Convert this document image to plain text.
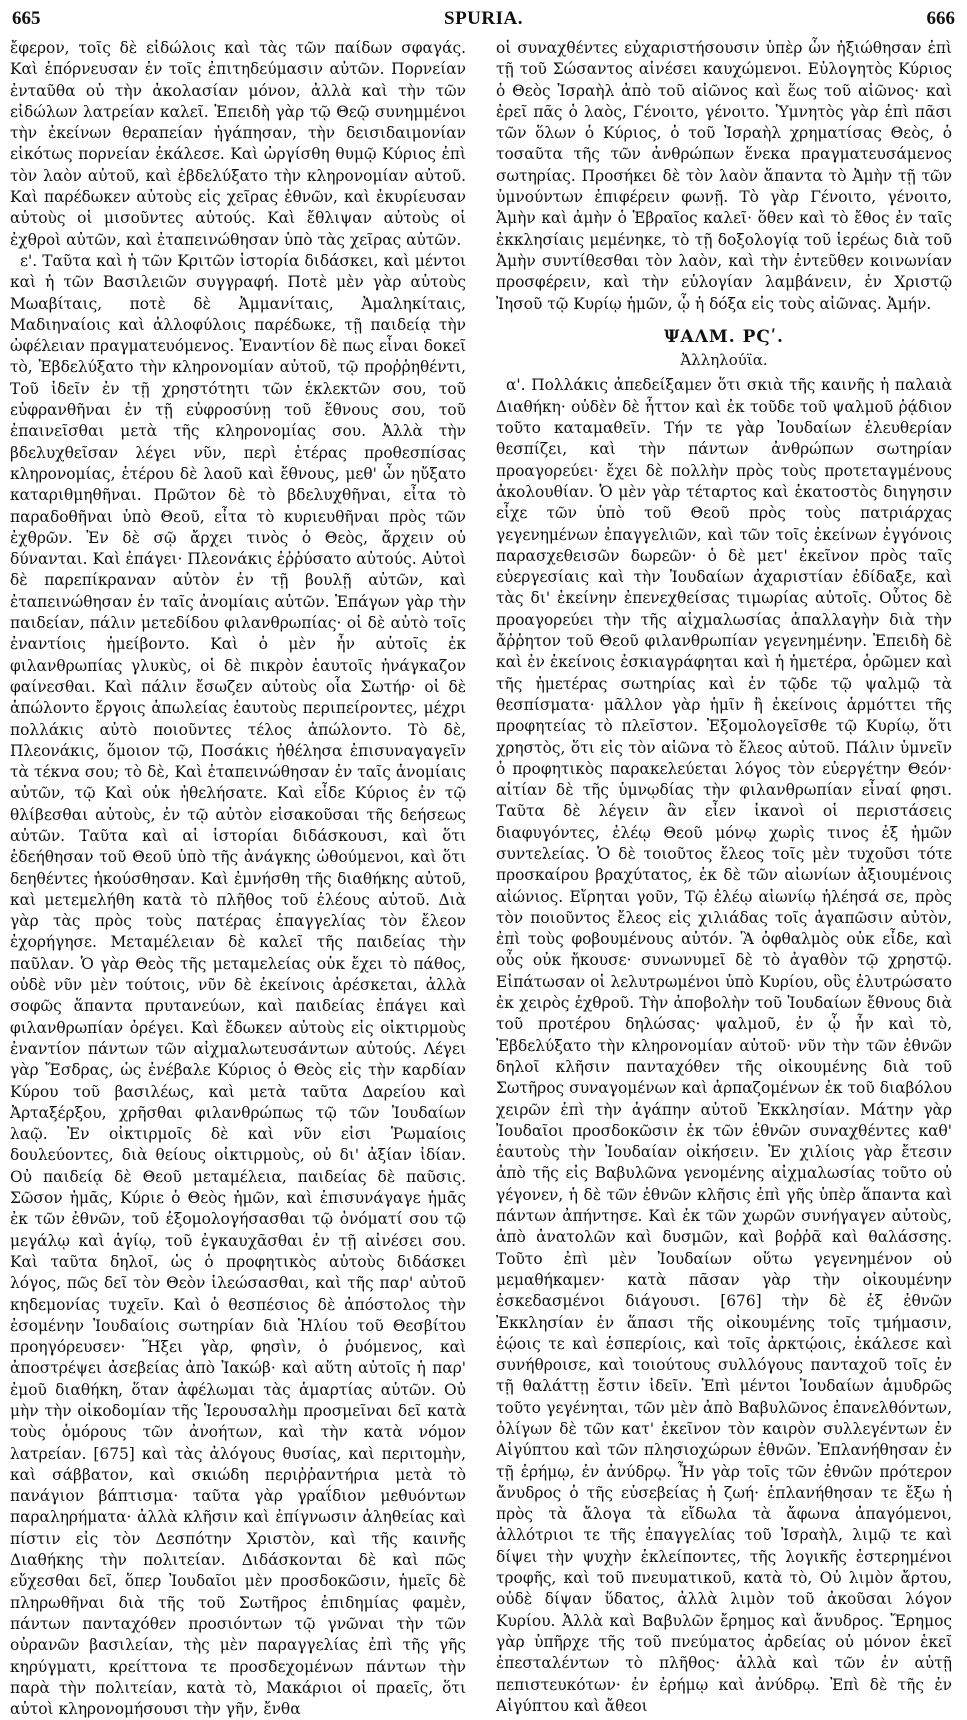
665	SPURIA.	666

ἔφερον, τοῖς δὲ εἰδώλοις καὶ τὰς τῶν παίδων σφαγάς. Καὶ ἐπόρνευσαν ἐν τοῖς ἐπιτηδεύμασιν αὐτῶν. Πορνείαν ἐνταῦθα οὐ τὴν ἀκολασίαν μόνον, ἀλλὰ καὶ τὴν τῶν εἰδώλων λατρείαν καλεῖ. Ἐπειδὴ γὰρ τῷ Θεῷ συνημμένοι τὴν ἐκείνων θεραπείαν ἠγάπησαν, τὴν δεισιδαιμονίαν εἰκότως πορνείαν ἐκάλεσε. Καὶ ὠργίσθη θυμῷ Κύριος ἐπὶ τὸν λαὸν αὐτοῦ, καὶ ἐβδελύξατο τὴν κληρονομίαν αὐτοῦ. Καὶ παρέδωκεν αὐτοὺς εἰς χεῖρας ἐθνῶν, καὶ ἐκυρίευσαν αὐτοὺς οἱ μισοῦντες αὐτούς. Καὶ ἔθλιψαν αὐτοὺς οἱ ἐχθροὶ αὐτῶν, καὶ ἐταπεινώθησαν ὑπὸ τὰς χεῖρας αὐτῶν.

ε'. Ταῦτα καὶ ἡ τῶν Κριτῶν ἱστορία διδάσκει, καὶ μέντοι καὶ ἡ τῶν Βασιλειῶν συγγραφή. Ποτὲ μὲν γὰρ αὐτοὺς Μωαβίταις, ποτὲ δὲ Ἀμμανίταις, Ἀμαληκίταις, Μαδιηναίοις καὶ ἀλλοφύλοις παρέδωκε, τῇ παιδείᾳ τὴν ὠφέλειαν πραγματευόμενος. Ἐναντίον δὲ πως εἶναι δοκεῖ τὸ, Ἐβδελύξατο τὴν κληρονομίαν αὐτοῦ, τῷ προῤῥηθέντι, Τοῦ ἰδεῖν ἐν τῇ χρηστότητι τῶν ἐκλεκτῶν σου, τοῦ εὐφρανθῆναι ἐν τῇ εὐφροσύνῃ τοῦ ἔθνους σου, τοῦ ἐπαινεῖσθαι μετὰ τῆς κληρονομίας σου. Ἀλλὰ τὴν βδελυχθεῖσαν λέγει νῦν, περὶ ἑτέρας προθεσπίσας κληρονομίας, ἑτέρου δὲ λαοῦ καὶ ἔθνους, μεθ' ὧν ηὔξατο καταριθμηθῆναι. Πρῶτον δὲ τὸ βδελυχθῆναι, εἶτα τὸ παραδοθῆναι ὑπὸ Θεοῦ, εἶτα τὸ κυριευθῆναι πρὸς τῶν ἐχθρῶν. Ἐν δὲ σῷ ἄρχει τινὸς ὁ Θεὸς, ἄρχειν οὐ δύνανται. Καὶ ἐπάγει· Πλεονάκις ἐῤῥύσατο αὐτούς. Αὐτοὶ δὲ παρεπίκραναν αὐτὸν ἐν τῇ βουλῇ αὐτῶν, καὶ ἐταπεινώθησαν ἐν ταῖς ἀνομίαις αὐτῶν. Ἐπάγων γὰρ τὴν παιδείαν, πάλιν μετεδίδου φιλανθρωπίας· οἱ δὲ αὐτὸ τοῖς ἐναντίοις ἠμείβοντο. Καὶ ὁ μὲν ἦν αὐτοῖς ἐκ φιλανθρωπίας γλυκὺς, οἱ δὲ πικρὸν ἑαυτοῖς ἠνάγκαζον φαίνεσθαι. Καὶ πάλιν ἔσωζεν αὐτοὺς οἷα Σωτήρ· οἱ δὲ ἀπώλοντο ἔργοις ἀπωλείας ἑαυτοὺς περιπείροντες, μέχρι πολλάκις αὐτὸ ποιοῦντες τέλος ἀπώλοντο. Τὸ δὲ, Πλεονάκις, ὅμοιον τῷ, Ποσάκις ἠθέλησα ἐπισυναγαγεῖν τὰ τέκνα σου; τὸ δὲ, Καὶ ἐταπεινώθησαν ἐν ταῖς ἀνομίαις αὐτῶν, τῷ Καὶ οὐκ ἠθελήσατε. Καὶ εἶδε Κύριος ἐν τῷ θλίβεσθαι αὐτοὺς, ἐν τῷ αὐτὸν εἰσακοῦσαι τῆς δεήσεως αὐτῶν. Ταῦτα καὶ αἱ ἱστορίαι διδάσκουσι, καὶ ὅτι ἐδεήθησαν τοῦ Θεοῦ ὑπὸ τῆς ἀνάγκης ὠθούμενοι, καὶ ὅτι δεηθέντες ἠκούσθησαν. Καὶ ἐμνήσθη τῆς διαθήκης αὐτοῦ, καὶ μετεμελήθη κατὰ τὸ πλῆθος τοῦ ἐλέους αὐτοῦ. Διὰ γὰρ τὰς πρὸς τοὺς πατέρας ἐπαγγελίας τὸν ἔλεον ἐχορήγησε. Μεταμέλειαν δὲ καλεῖ τῆς παιδείας τὴν παῦλαν. Ὁ γὰρ Θεὸς τῆς μεταμελείας οὐκ ἔχει τὸ πάθος, οὐδὲ νῦν μὲν τούτοις, νῦν δὲ ἐκείνοις ἀρέσκεται, ἀλλὰ σοφῶς ἅπαντα πρυτανεύων, καὶ παιδείας ἐπάγει καὶ φιλανθρωπίαν ὀρέγει. Καὶ ἔδωκεν αὐτοὺς εἰς οἰκτιρμοὺς ἐναντίον πάντων τῶν αἰχμαλωτευσάντων αὐτούς. Λέγει γὰρ Ἔσδρας, ὡς ἐνέβαλε Κύριος ὁ Θεὸς εἰς τὴν καρδίαν Κύρου τοῦ βασιλέως, καὶ μετὰ ταῦτα Δαρείου καὶ Ἀρταξέρξου, χρῆσθαι φιλανθρώπως τῷ τῶν Ἰουδαίων λαῷ. Ἐν οἰκτιρμοῖς δὲ καὶ νῦν εἰσι Ῥωμαίοις δουλεύοντες, διὰ θείους οἰκτιρμοὺς, οὐ δι' ἀξίαν ἰδίαν. Οὐ παιδείᾳ δὲ Θεοῦ μεταμέλεια, παιδείας δὲ παῦσις. Σῶσον ἡμᾶς, Κύριε ὁ Θεὸς ἡμῶν, καὶ ἐπισυνάγαγε ἡμᾶς ἐκ τῶν ἐθνῶν, τοῦ ἐξομολογήσασθαι τῷ ὀνόματί σου τῷ μεγάλῳ καὶ ἁγίῳ, τοῦ ἐγκαυχᾶσθαι ἐν τῇ αἰνέσει σου. Καὶ ταῦτα δηλοῖ, ὡς ὁ προφητικὸς αὐτοὺς διδάσκει λόγος, πῶς δεῖ τὸν Θεὸν ἱλεώσασθαι, καὶ τῆς παρ' αὐτοῦ κηδεμονίας τυχεῖν. Καὶ ὁ θεσπέσιος δὲ ἀπόστολος τὴν ἐσομένην Ἰουδαίοις σωτηρίαν διὰ Ἡλίου τοῦ Θεσβίτου προηγόρευσεν· Ἥξει γὰρ, φησὶν, ὁ ῥυόμενος, καὶ ἀποστρέψει ἀσεβείας ἀπὸ Ἰακώβ· καὶ αὕτη αὐτοῖς ἡ παρ' ἐμοῦ διαθήκη, ὅταν ἀφέλωμαι τὰς ἁμαρτίας αὐτῶν. Οὐ μὴν τὴν οἰκοδομίαν τῆς Ἱερουσαλὴμ προσμεῖναι δεῖ κατὰ τοὺς ὁμόρους τῶν ἀνοήτων, καὶ τὴν κατὰ νόμον λατρείαν. [675] καὶ τὰς ἀλόγους θυσίας, καὶ περιτομὴν, καὶ σάββατον, καὶ σκιώδη περιῤῥαντήρια μετὰ τὸ πανάγιον βάπτισμα· ταῦτα γὰρ γραΐδιον μεθυόντων παραληρήματα· ἀλλὰ κλῆσιν καὶ ἐπίγνωσιν ἀληθείας καὶ πίστιν εἰς τὸν Δεσπότην Χριστὸν, καὶ τῆς καινῆς Διαθήκης τὴν πολιτείαν. Διδάσκονται δὲ καὶ πῶς εὔχεσθαι δεῖ, ὅπερ Ἰουδαῖοι μὲν προσδοκῶσιν, ἡμεῖς δὲ πληρωθῆναι διὰ τῆς τοῦ Σωτῆρος ἐπιδημίας φαμὲν, πάντων πανταχόθεν προσιόντων τῷ γνῶναι τὴν τῶν οὐρανῶν βασιλείαν, τὴς μὲν παραγγελίας ἐπὶ τῆς γῆς κηρύγματι, κρείττονα τε προσδεχομένων πάντων τὴν παρὰ τὴν πολιτείαν, κατὰ τὸ, Μακάριοι οἱ πραεῖς, ὅτι αὐτοὶ κληρονομήσουσι τὴν γῆν, ἔνθα

οἱ συναχθέντες εὐχαριστήσουσιν ὑπὲρ ὧν ἠξιώθησαν ἐπὶ τῇ τοῦ Σώσαντος αἰνέσει καυχώμενοι. Εὐλογητὸς Κύριος ὁ Θεὸς Ἰσραὴλ ἀπὸ τοῦ αἰῶνος καὶ ἕως τοῦ αἰῶνος· καὶ ἐρεῖ πᾶς ὁ λαὸς, Γένοιτο, γένοιτο. Ὑμνητὸς γὰρ ἐπὶ πᾶσι τῶν ὅλων ὁ Κύριος, ὁ τοῦ Ἰσραὴλ χρηματίσας Θεὸς, ὁ τοσαῦτα τῆς τῶν ἀνθρώπων ἕνεκα πραγματευσάμενος σωτηρίας. Προσήκει δὲ τὸν λαὸν ἅπαντα τὸ Ἀμὴν τῇ τῶν ὑμνούντων ἐπιφέρειν φωνῇ. Τὸ γὰρ Γένοιτο, γένοιτο, Ἀμὴν καὶ ἀμὴν ὁ Ἑβραῖος καλεῖ· ὅθεν καὶ τὸ ἔθος ἐν ταῖς ἐκκλησίαις μεμένηκε, τὸ τῇ δοξολογίᾳ τοῦ ἱερέως διὰ τοῦ Ἀμὴν συντίθεσθαι τὸν λαὸν, καὶ τὴν ἐντεῦθεν κοινωνίαν προσφέρειν, καὶ τὴν εὐλογίαν λαμβάνειν, ἐν Χριστῷ Ἰησοῦ τῷ Κυρίῳ ἡμῶν, ᾧ ἡ δόξα εἰς τοὺς αἰῶνας. Ἀμήν.

ΨΑΛΜ. ΡϚʹ.
Ἀλληλούϊα.

α'. Πολλάκις ἀπεδείξαμεν ὅτι σκιὰ τῆς καινῆς ἡ παλαιὰ Διαθήκη· οὐδὲν δὲ ἧττον καὶ ἐκ τοῦδε τοῦ ψαλμοῦ ῥᾴδιον τοῦτο καταμαθεῖν. Τήν τε γὰρ Ἰουδαίων ἐλευθερίαν θεσπίζει, καὶ τὴν πάντων ἀνθρώπων σωτηρίαν προαγορεύει· ἔχει δὲ πολλὴν πρὸς τοὺς προτεταγμένους ἀκολουθίαν. Ὁ μὲν γὰρ τέταρτος καὶ ἑκατοστὸς διηγησιν εἶχε τῶν ὑπὸ τοῦ Θεοῦ πρὸς τοὺς πατριάρχας γεγενημένων ἐπαγγελιῶν, καὶ τῶν τοῖς ἐκείνων ἐγγόνοις παρασχεθεισῶν δωρεῶν· ὁ δὲ μετ' ἐκεῖνον πρὸς ταῖς εὐεργεσίαις καὶ τὴν Ἰουδαίων ἀχαριστίαν ἐδίδαξε, καὶ τὰς δι' ἐκείνην ἐπενεχθείσας τιμωρίας αὐτοῖς. Οὗτος δὲ προαγορεύει τὴν τῆς αἰχμαλωσίας ἀπαλλαγὴν διὰ τὴν ἄῤῥητον τοῦ Θεοῦ φιλανθρωπίαν γεγενημένην. Ἐπειδὴ δὲ καὶ ἐν ἐκείνοις ἐσκιαγράφηται καὶ ἡ ἡμετέρα, ὁρῶμεν καὶ τῆς ἡμετέρας σωτηρίας καὶ ἐν τῷδε τῷ ψαλμῷ τὰ θεσπίσματα· μᾶλλον γὰρ ἡμῖν ἢ ἐκείνοις ἁρμόττει τῆς προφητείας τὸ πλεῖστον. Ἐξομολογεῖσθε τῷ Κυρίῳ, ὅτι χρηστὸς, ὅτι εἰς τὸν αἰῶνα τὸ ἔλεος αὐτοῦ. Πάλιν ὑμνεῖν ὁ προφητικὸς παρακελεύεται λόγος τὸν εὐεργέτην Θεόν· αἰτίαν δὲ τῆς ὑμνῳδίας τὴν φιλανθρωπίαν εἶναί φησι. Ταῦτα δὲ λέγειν ἂν εἶεν ἱκανοὶ οἱ περιστάσεις διαφυγόντες, ἐλέῳ Θεοῦ μόνῳ χωρὶς τινος ἐξ ἡμῶν συντελείας. Ὁ δὲ τοιοῦτος ἔλεος τοῖς μὲν τυχοῦσι τότε προσκαίρου βραχύτατος, ἐκ δὲ τῶν αἰωνίων ἀξιουμένοις αἰώνιος. Εἴρηται γοῦν, Τῷ ἐλέῳ αἰωνίῳ ἠλέησά σε, πρὸς τὸν ποιοῦντος ἔλεος εἰς χιλιάδας τοῖς ἀγαπῶσιν αὐτὸν, ἐπὶ τοὺς φοβουμένους αὐτόν. Ἃ ὀφθαλμὸς οὐκ εἶδε, καὶ οὖς οὐκ ἤκουσε· συνωνυμεῖ δὲ τὸ ἀγαθὸν τῷ χρηστῷ. Εἰπάτωσαν οἱ λελυτρωμένοι ὑπὸ Κυρίου, οὓς ἐλυτρώσατο ἐκ χειρὸς ἐχθροῦ. Τὴν ἀποβολὴν τοῦ Ἰουδαίων ἔθνους διὰ τοῦ προτέρου δηλώσας· ψαλμοῦ, ἐν ᾧ ἦν καὶ τὸ, Ἐβδελύξατο τὴν κληρονομίαν αὐτοῦ· νῦν τὴν τῶν ἐθνῶν δηλοῖ κλῆσιν πανταχόθεν τῆς οἰκουμένης διὰ τοῦ Σωτῆρος συναγομένων καὶ ἁρπαζομένων ἐκ τοῦ διαβόλου χειρῶν ἐπὶ τὴν ἀγάπην αὐτοῦ Ἐκκλησίαν. Μάτην γὰρ Ἰουδαῖοι προσδοκῶσιν ἐκ τῶν ἐθνῶν συναχθέντες καθ' ἑαυτοὺς τὴν Ἰουδαίαν οἰκήσειν. Ἐν χιλίοις γὰρ ἔτεσιν ἀπὸ τῆς εἰς Βαβυλῶνα γενομένης αἰχμαλωσίας τοῦτο οὐ γέγονεν, ἡ δὲ τῶν ἐθνῶν κλῆσις ἐπὶ γῆς ὑπὲρ ἅπαντα καὶ πάντων ἀπήντησε. Καὶ ἐκ τῶν χωρῶν συνήγαγεν αὐτοὺς, ἀπὸ ἀνατολῶν καὶ δυσμῶν, καὶ βοῤῥᾶ καὶ θαλάσσης. Τοῦτο ἐπὶ μὲν Ἰουδαίων οὕτω γεγενημένον οὐ μεμαθήκαμεν· κατὰ πᾶσαν γὰρ τὴν οἰκουμένην ἐσκεδασμένοι διάγουσι. [676] τὴν δὲ ἐξ ἐθνῶν Ἐκκλησίαν ἐν ἅπασι τῆς οἰκουμένης τοῖς τμήμασιν, ἑῴοις τε καὶ ἑσπερίοις, καὶ τοῖς ἀρκτῴοις, ἐκάλεσε καὶ συνήθροισε, καὶ τοιούτους συλλόγους πανταχοῦ τοῖς ἐν τῇ θαλάττῃ ἔστιν ἰδεῖν. Ἐπὶ μέντοι Ἰουδαίων ἁμυδρῶς τοῦτο γεγένηται, τῶν μὲν ἀπὸ Βαβυλῶνος ἐπανελθόντων, ὀλίγων δὲ τῶν κατ' ἐκεῖνον τὸν καιρὸν συλλεγέντων ἐν Αἰγύπτου καὶ τῶν πλησιοχώρων ἐθνῶν. Ἐπλανήθησαν ἐν τῇ ἐρήμῳ, ἐν ἀνύδρῳ. Ἦν γὰρ τοῖς τῶν ἐθνῶν πρότερον ἄνυδρος ὁ τῆς εὐσεβείας ἡ ζωή· ἐπλανήθησαν τε ἔξω ἡ πρὸς τὰ ἄλογα τὰ εἴδωλα τὰ ἄφωνα ἀπαγόμενοι, ἀλλότριοι τε τῆς ἐπαγγελίας τοῦ Ἰσραὴλ, λιμῷ τε καὶ δίψει τὴν ψυχὴν ἐκλείποντες, τῆς λογικῆς ἐστερημένοι τροφῆς, καὶ τοῦ πνευματικοῦ, κατὰ τὸ, Οὐ λιμὸν ἄρτου, οὐδὲ δίψαν ὕδατος, ἀλλὰ λιμὸν τοῦ ἀκοῦσαι λόγον Κυρίου. Ἀλλὰ καὶ Βαβυλῶν ἔρημος καὶ ἄνυδρος. Ἔρημος γὰρ ὑπῆρχε τῆς τοῦ πνεύματος ἀρδείας οὐ μόνον ἑκεῖ ἐπεσταλέντων τὸ πλῆθος· ἀλλὰ καὶ τῶν ἐν αὐτῇ πεπιστευκότων· ἐν ἐρήμῳ καὶ ἀνύδρῳ. Ἐπὶ δὲ τῆς ἐν Αἰγύπτου καὶ ἄθεοι
